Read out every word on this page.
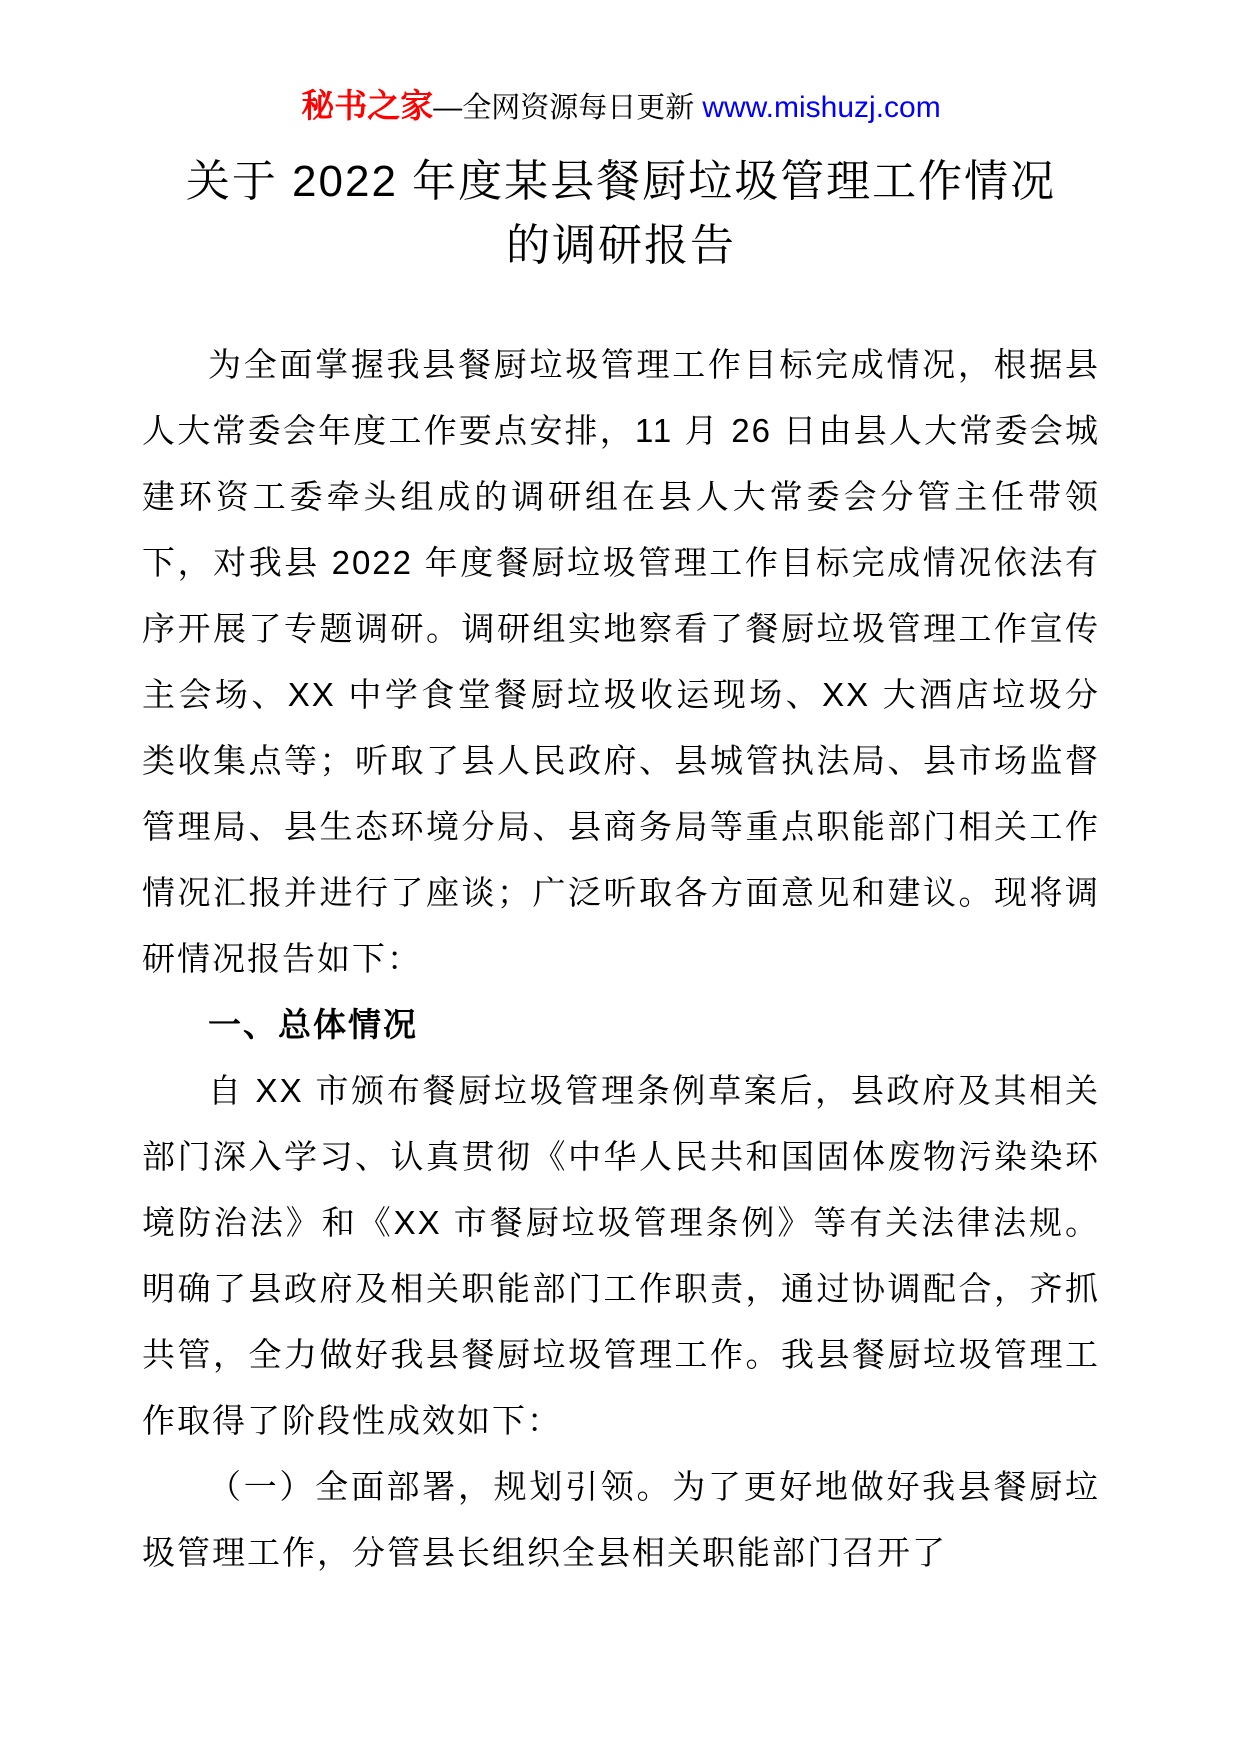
秘书之家—全网资源每日更新 www.mishuzj.com
关于 2022 年度某县餐厨垃圾管理工作情况
的调研报告

为全面掌握我县餐厨垃圾管理工作目标完成情况，根据县人大常委会年度工作要点安排，11 月 26 日由县人大常委会城建环资工委牵头组成的调研组在县人大常委会分管主任带领下，对我县 2022 年度餐厨垃圾管理工作目标完成情况依法有序开展了专题调研。调研组实地察看了餐厨垃圾管理工作宣传主会场、XX 中学食堂餐厨垃圾收运现场、XX 大酒店垃圾分类收集点等；听取了县人民政府、县城管执法局、县市场监督管理局、县生态环境分局、县商务局等重点职能部门相关工作情况汇报并进行了座谈；广泛听取各方面意见和建议。现将调研情况报告如下：

一、总体情况

自 XX 市颁布餐厨垃圾管理条例草案后，县政府及其相关部门深入学习、认真贯彻《中华人民共和国固体废物污染染环境防治法》和《XX 市餐厨垃圾管理条例》等有关法律法规。明确了县政府及相关职能部门工作职责，通过协调配合，齐抓共管，全力做好我县餐厨垃圾管理工作。我县餐厨垃圾管理工作取得了阶段性成效如下：

（一）全面部署，规划引领。为了更好地做好我县餐厨垃圾管理工作，分管县长组织全县相关职能部门召开了
